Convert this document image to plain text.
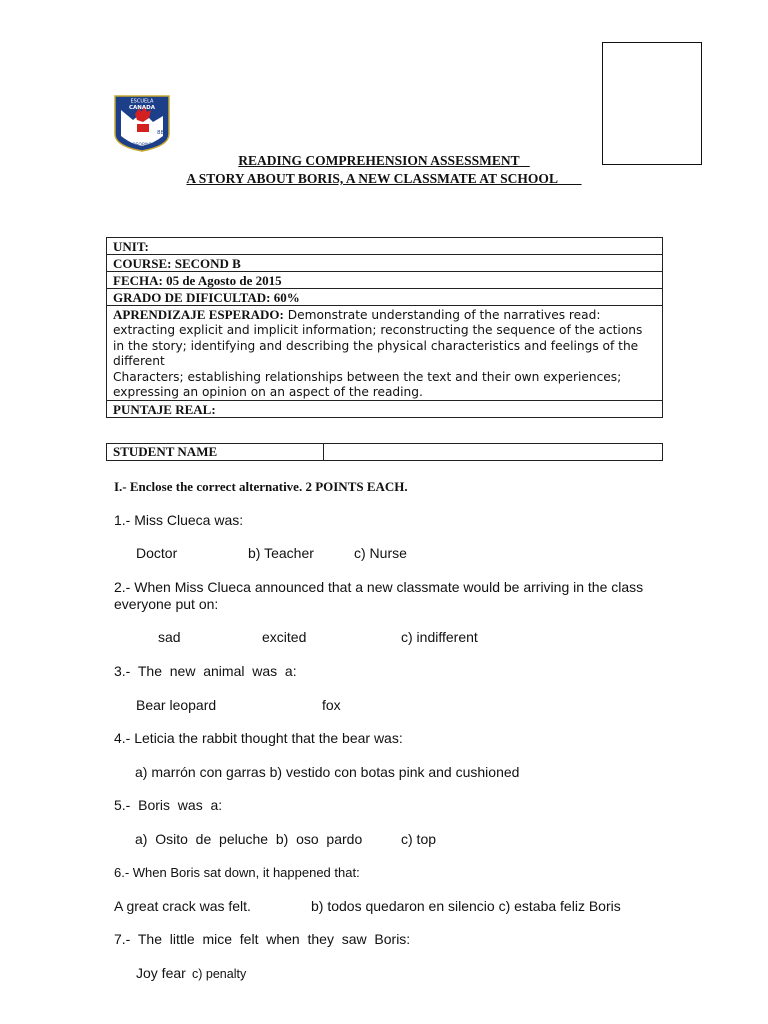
ESCUELA
CANADA
88
OSORNO
READING COMPREHENSION ASSESSMENT
A STORY ABOUT BORIS, A NEW CLASSMATE AT SCHOOL
UNIT:
COURSE: SECOND B
FECHA: 05 de Agosto de 2015
GRADO DE DIFICULTAD: 60%
APRENDIZAJE ESPERADO: Demonstrate understanding of the narratives read: extracting explicit and implicit information; reconstructing the sequence of the actions
in the story; identifying and describing the physical characteristics and feelings of the different
Characters; establishing relationships between the text and their own experiences; expressing an opinion on an aspect of the reading.
PUNTAJE REAL:
STUDENT NAME	
I.- Enclose the correct alternative. 2 POINTS EACH.
1.- Miss Clueca was:
Doctor	b) Teacher	c) Nurse
2.- When Miss Clueca announced that a new classmate would be arriving in the class
everyone put on:
sad	excited	c) indifferent
3.-  The  new  animal  was  a:
Bear leopard	fox
4.- Leticia the rabbit thought that the bear was:
a) marrón con garras b) vestido con botas pink and cushioned
5.-  Boris  was  a:
a)  Osito  de  peluche  b)  oso  pardo	c) top
6.- When Boris sat down, it happened that:
A great crack was felt.	b) todos quedaron en silencio c) estaba feliz Boris
7.-  The  little  mice  felt  when  they  saw  Boris:
Joy fear c) penalty
